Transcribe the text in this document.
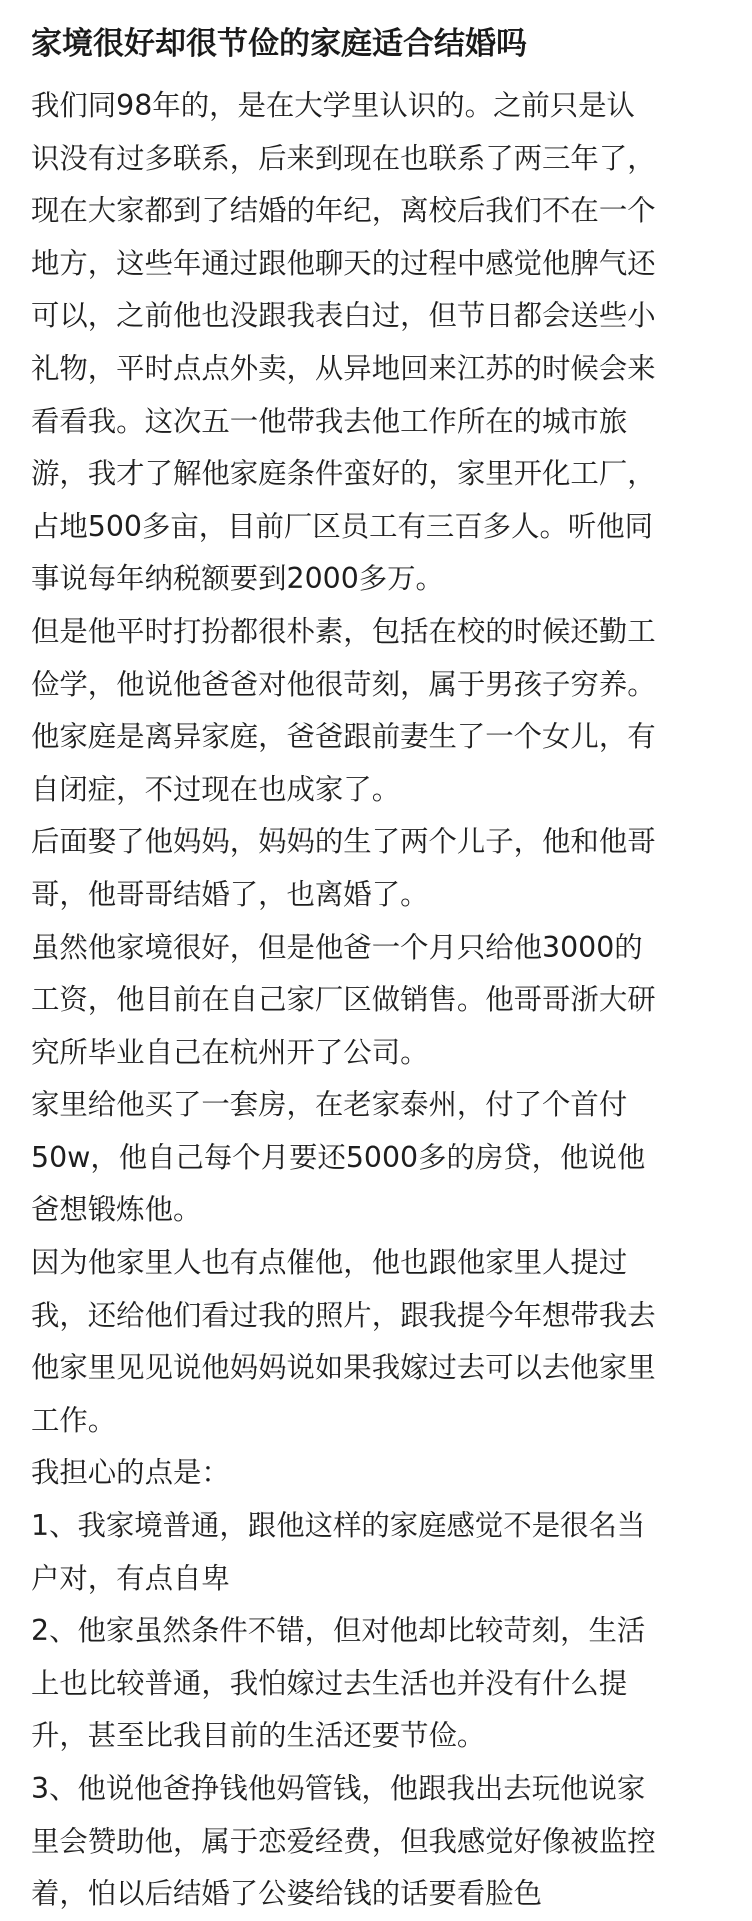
家境很好却很节俭的家庭适合结婚吗

我们同98年的，是在大学里认识的。之前只是认
识没有过多联系，后来到现在也联系了两三年了，
现在大家都到了结婚的年纪，离校后我们不在一个
地方，这些年通过跟他聊天的过程中感觉他脾气还
可以，之前他也没跟我表白过，但节日都会送些小
礼物，平时点点外卖，从异地回来江苏的时候会来
看看我。这次五一他带我去他工作所在的城市旅
游，我才了解他家庭条件蛮好的，家里开化工厂，
占地500多亩，目前厂区员工有三百多人。听他同
事说每年纳税额要到2000多万。

但是他平时打扮都很朴素，包括在校的时候还勤工
俭学，他说他爸爸对他很苛刻，属于男孩子穷养。

他家庭是离异家庭，爸爸跟前妻生了一个女儿，有
自闭症，不过现在也成家了。

后面娶了他妈妈，妈妈的生了两个儿子，他和他哥
哥，他哥哥结婚了，也离婚了。

虽然他家境很好，但是他爸一个月只给他3000的
工资，他目前在自己家厂区做销售。他哥哥浙大研
究所毕业自己在杭州开了公司。

家里给他买了一套房，在老家泰州，付了个首付
50w，他自己每个月要还5000多的房贷，他说他
爸想锻炼他。

因为他家里人也有点催他，他也跟他家里人提过
我，还给他们看过我的照片，跟我提今年想带我去
他家里见见说他妈妈说如果我嫁过去可以去他家里
工作。

我担心的点是：

1、我家境普通，跟他这样的家庭感觉不是很名当
户对，有点自卑

2、他家虽然条件不错，但对他却比较苛刻，生活
上也比较普通，我怕嫁过去生活也并没有什么提
升，甚至比我目前的生活还要节俭。

3、他说他爸挣钱他妈管钱，他跟我出去玩他说家
里会赞助他，属于恋爱经费，但我感觉好像被监控
着，怕以后结婚了公婆给钱的话要看脸色
